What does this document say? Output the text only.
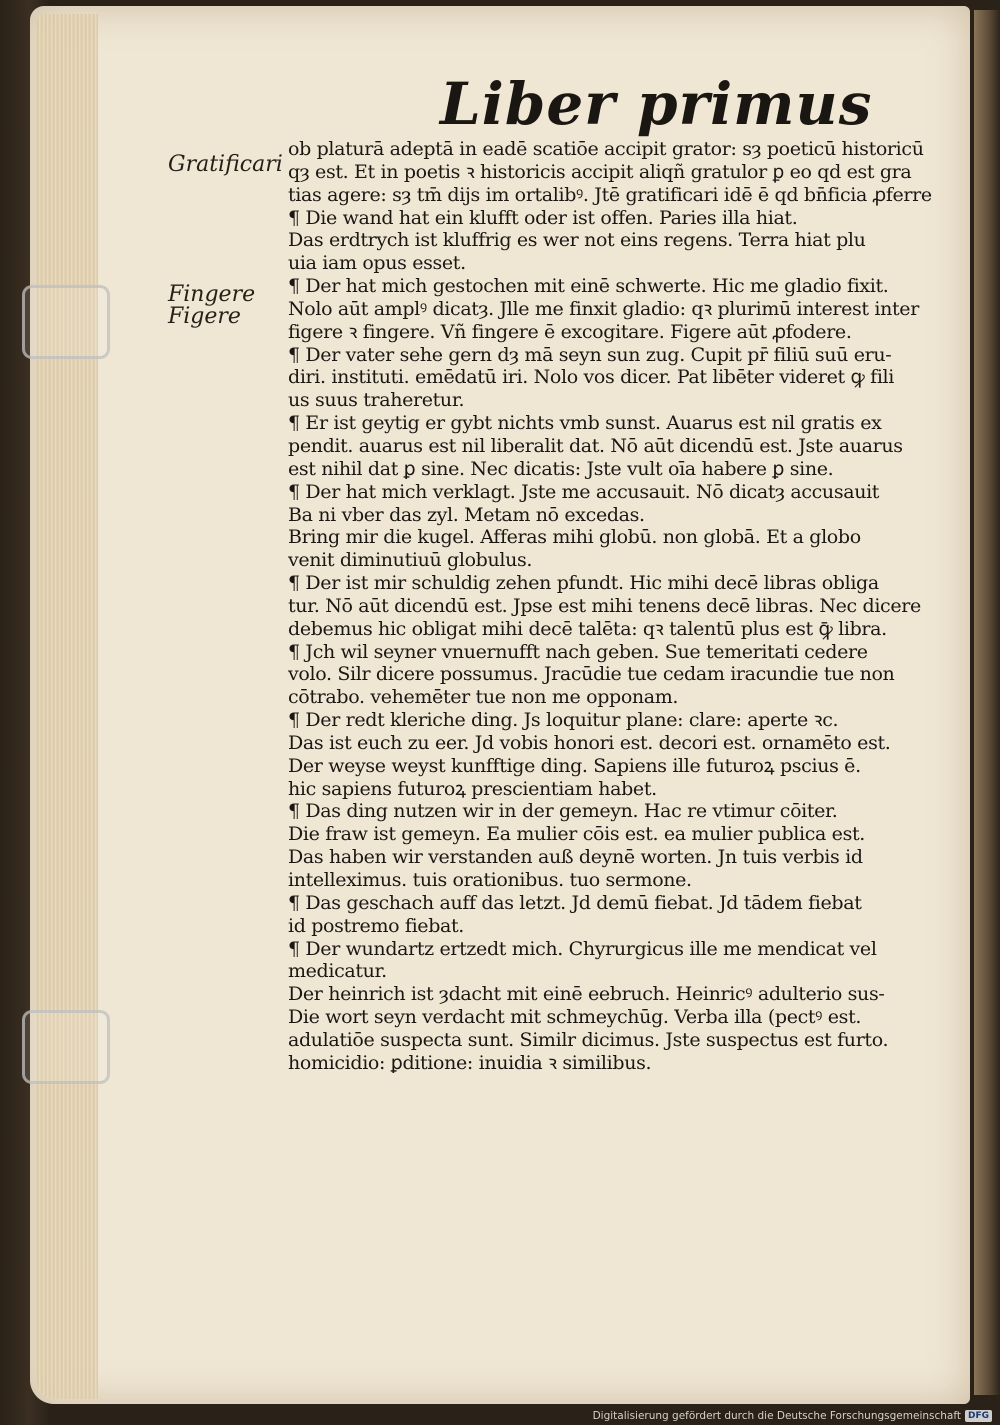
Liber primus
Gratificari
Fingere
Figere
ob platurā adeptā in eadē scatiōe accipit grator: sȝ poeticū historicū
qȝ est. Et in poetis ꝛ historicis accipit aliqñ gratulor ꝑ eo qd est gra
tias agere: sȝ tm̄ dijs im ortalibꝰ. Jtē gratificari idē ē qd bn̄ficia ꝓferre
¶ Die wand hat ein klufft oder ist offen. Paries illa hiat.
Das erdtrych ist kluffrig es wer not eins regens. Terra hiat plu
uia iam opus esset.
¶ Der hat mich gestochen mit einē schwerte. Hic me gladio fixit.
Nolo aūt amplꝰ dicatȝ. Jlle me finxit gladio: qꝛ plurimū interest inter
figere ꝛ fingere. Vñ fingere ē excogitare. Figere aūt ꝓfodere.
¶ Der vater sehe gern dȝ mā seyn sun zug. Cupit pr̄ filiū suū eru-
diri. instituti. emēdatū iri. Nolo vos dicer. Pat libēter videret ꝙ fili
us suus traheretur.
¶ Er ist geytig er gybt nichts vmb sunst. Auarus est nil gratis ex
pendit. auarus est nil liberalit dat. Nō aūt dicendū est. Jste auarus
est nihil dat ꝑ sine. Nec dicatis: Jste vult oīa habere ꝑ sine.
¶ Der hat mich verklagt. Jste me accusauit. Nō dicatȝ accusauit
Ba ni vber das zyl. Metam nō excedas.
Bring mir die kugel. Afferas mihi globū. non globā. Et a globo
venit diminutiuū globulus.
¶ Der ist mir schuldig zehen pfundt. Hic mihi decē libras obliga
tur. Nō aūt dicendū est. Jpse est mihi tenens decē libras. Nec dicere
debemus hic obligat mihi decē talēta: qꝛ talentū plus est ꝙ̄ libra.
¶ Jch wil seyner vnuernufft nach geben. Sue temeritati cedere
volo. Silr dicere possumus. Jracūdie tue cedam iracundie tue non
cōtrabo. vehemēter tue non me opponam.
¶ Der redt kleriche ding. Js loquitur plane: clare: aperte ꝛc.
Das ist euch zu eer. Jd vobis honori est. decori est. ornamēto est.
Der weyse weyst kunfftige ding. Sapiens ille futuroꝝ pscius ē.
hic sapiens futuroꝝ prescientiam habet.
¶ Das ding nutzen wir in der gemeyn. Hac re vtimur cōiter.
Die fraw ist gemeyn. Ea mulier cōis est. ea mulier publica est.
Das haben wir verstanden auß deynē worten. Jn tuis verbis id
intelleximus. tuis orationibus. tuo sermone.
¶ Das geschach auff das letzt. Jd demū fiebat. Jd tādem fiebat
id postremo fiebat.
¶ Der wundartz ertzedt mich. Chyrurgicus ille me mendicat vel
medicatur.
Der heinrich ist ȝdacht mit einē eebruch. Heinricꝰ adulterio sus-
Die wort seyn verdacht mit schmeychūg. Verba illa (pectꝰ est.
adulatiōe suspecta sunt. Similr dicimus. Jste suspectus est furto.
homicidio: ꝑditione: inuidia ꝛ similibus.
Digitalisierung gefördert durch die Deutsche Forschungsgemeinschaft DFG
